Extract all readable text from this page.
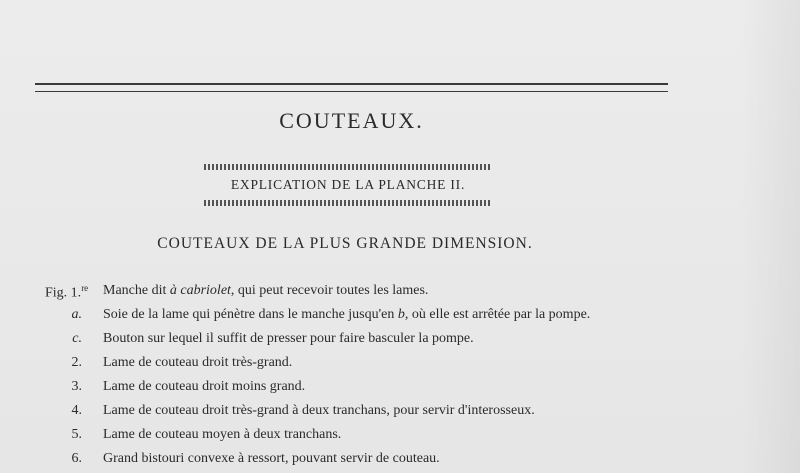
COUTEAUX.
EXPLICATION DE LA PLANCHE II.
COUTEAUX DE LA PLUS GRANDE DIMENSION.
Fig. 1.$^{re}$ Manche dit à cabriolet, qui peut recevoir toutes les lames.
a. Soie de la lame qui pénètre dans le manche jusqu'en b, où elle est arrêtée par la pompe.
c. Bouton sur lequel il suffit de presser pour faire basculer la pompe.
2. Lame de couteau droit très-grand.
3. Lame de couteau droit moins grand.
4. Lame de couteau droit très-grand à deux tranchans, pour servir d'interosseux.
5. Lame de couteau moyen à deux tranchans.
6. Grand bistouri convexe à ressort, pouvant servir de couteau.
